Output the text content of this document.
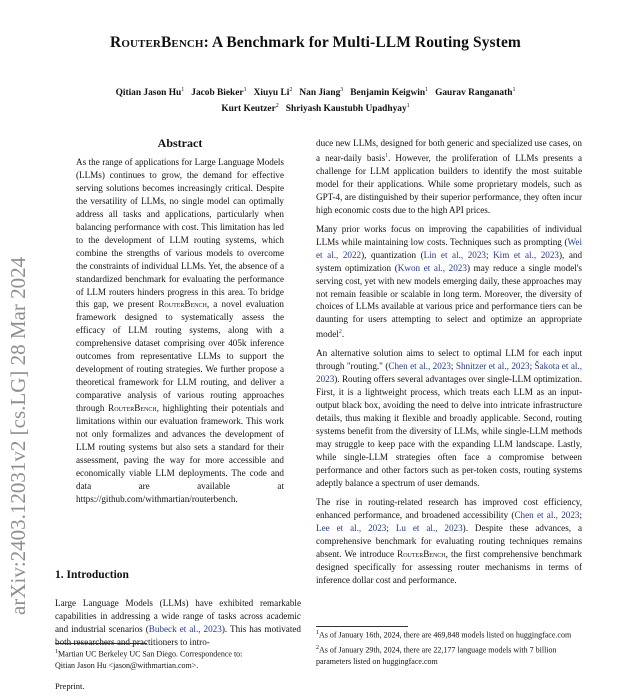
RouterBench: A Benchmark for Multi-LLM Routing System
Qitian Jason Hu$^1$ Jacob Bieker$^1$ Xiuyu Li$^2$ Nan Jiang$^3$ Benjamin Keigwin$^1$ Gaurav Ranganath$^1$
Kurt Keutzer$^2$ Shriyash Kaustubh Upadhyay$^1$
arXiv:2403.12031v2 [cs.LG] 28 Mar 2024
Abstract

As the range of applications for Large Language Models (LLMs) continues to grow, the demand for effective serving solutions becomes increasingly critical. Despite the versatility of LLMs, no single model can optimally address all tasks and applications, particularly when balancing performance with cost. This limitation has led to the development of LLM routing systems, which combine the strengths of various models to overcome the constraints of individual LLMs. Yet, the absence of a standardized benchmark for evaluating the performance of LLM routers hinders progress in this area. To bridge this gap, we present RouterBench, a novel evaluation framework designed to systematically assess the efficacy of LLM routing systems, along with a comprehensive dataset comprising over 405k inference outcomes from representative LLMs to support the development of routing strategies. We further propose a theoretical framework for LLM routing, and deliver a comparative analysis of various routing approaches through RouterBench, highlighting their potentials and limitations within our evaluation framework. This work not only formalizes and advances the development of LLM routing systems but also sets a standard for their assessment, paving the way for more accessible and economically viable LLM deployments. The code and data are available at https://github.com/withmartian/routerbench.

1. Introduction

Large Language Models (LLMs) have exhibited remarkable capabilities in addressing a wide range of tasks across academic and industrial scenarios (Bubeck et al., 2023). This has motivated both researchers and practitioners to intro-

$^1$Martian UC Berkeley UC San Diego. Correspondence to:
Qitian Jason Hu <jason@withmartian.com>.
Preprint.

duce new LLMs, designed for both generic and specialized use cases, on a near-daily basis$^1$. However, the proliferation of LLMs presents a challenge for LLM application builders to identify the most suitable model for their applications. While some proprietary models, such as GPT-4, are distinguished by their superior performance, they often incur high economic costs due to the high API prices.

Many prior works focus on improving the capabilities of individual LLMs while maintaining low costs. Techniques such as prompting (Wei et al., 2022), quantization (Lin et al., 2023; Kim et al., 2023), and system optimization (Kwon et al., 2023) may reduce a single model's serving cost, yet with new models emerging daily, these approaches may not remain feasible or scalable in long term. Moreover, the diversity of choices of LLMs available at various price and performance tiers can be daunting for users attempting to select and optimize an appropriate model$^2$.

An alternative solution aims to select to optimal LLM for each input through "routing." (Chen et al., 2023; Shnitzer et al., 2023; Šakota et al., 2023). Routing offers several advantages over single-LLM optimization. First, it is a lightweight process, which treats each LLM as an input-output black box, avoiding the need to delve into intricate infrastructure details, thus making it flexible and broadly applicable. Second, routing systems benefit from the diversity of LLMs, while single-LLM methods may struggle to keep pace with the expanding LLM landscape. Lastly, while single-LLM strategies often face a compromise between performance and other factors such as per-token costs, routing systems adeptly balance a spectrum of user demands.

The rise in routing-related research has improved cost efficiency, enhanced performance, and broadened accessibility (Chen et al., 2023; Lee et al., 2023; Lu et al., 2023). Despite these advances, a comprehensive benchmark for evaluating routing techniques remains absent. We introduce RouterBench, the first comprehensive benchmark designed specifically for assessing router mechanisms in terms of inference dollar cost and performance.

$^1$As of January 16th, 2024, there are 469,848 models listed on huggingface.com
$^2$As of January 29th, 2024, there are 22,177 language models with 7 billion parameters listed on huggingface.com
